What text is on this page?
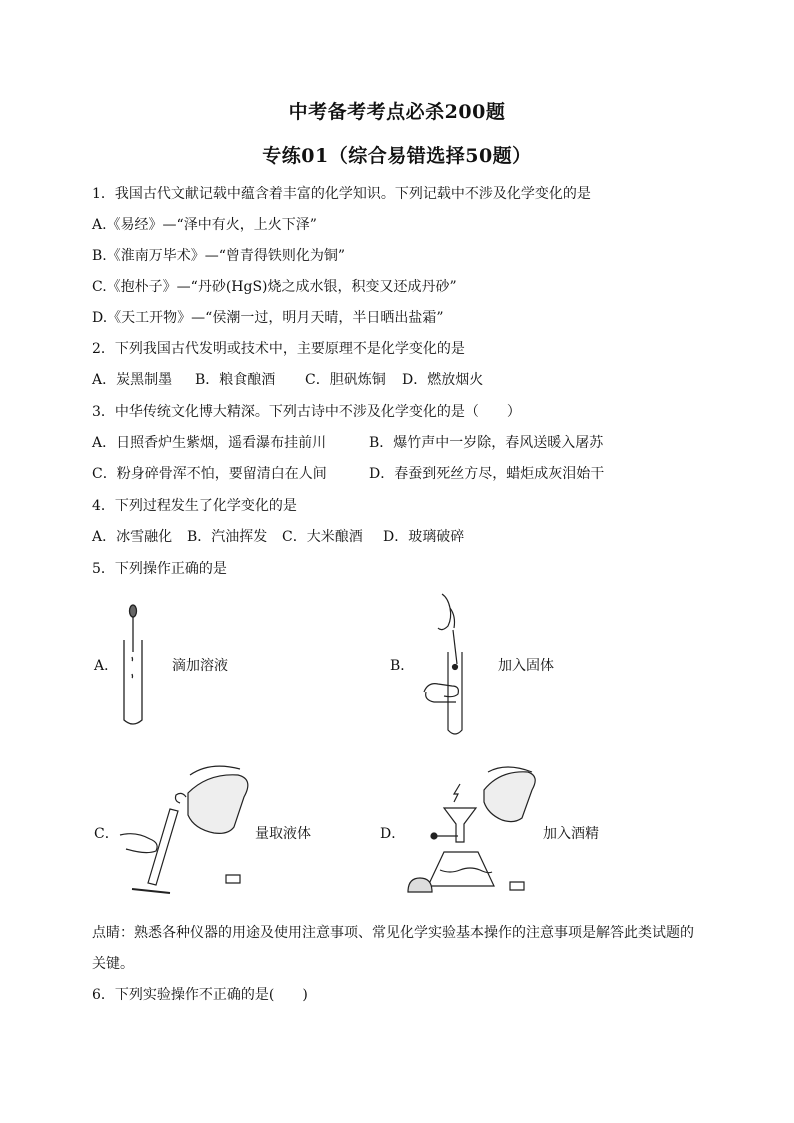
中考备考考点必杀200题
专练01（综合易错选择50题）
1．我国古代文献记载中蕴含着丰富的化学知识。下列记载中不涉及化学变化的是
A.《易经》—“泽中有火，上火下泽”
B.《淮南万毕术》—“曾青得铁则化为铜”
C.《抱朴子》—“丹砂(HgS)烧之成水银，积变又还成丹砂”
D.《天工开物》—“侯潮一过，明月天晴，半日晒出盐霜”
2．下列我国古代发明或技术中，主要原理不是化学变化的是
A．炭黑制墨 B．粮食酿酒 C．胆矾炼铜 D．燃放烟火
3．中华传统文化博大精深。下列古诗中不涉及化学变化的是（　　）
A．日照香炉生紫烟，遥看瀑布挂前川	B．爆竹声中一岁除，春风送暖入屠苏
C．粉身碎骨浑不怕，要留清白在人间	D．春蚕到死丝方尽，蜡炬成灰泪始干
4．下列过程发生了化学变化的是
A．冰雪融化 B．汽油挥发 C．大米酿酒 D．玻璃破碎
5．下列操作正确的是
A．	滴加溶液	B．	加入固体
C．	量取液体	D．	加入酒精
点睛：熟悉各种仪器的用途及使用注意事项、常见化学实验基本操作的注意事项是解答此类试题的
关键。
6．下列实验操作不正确的是(　　)
